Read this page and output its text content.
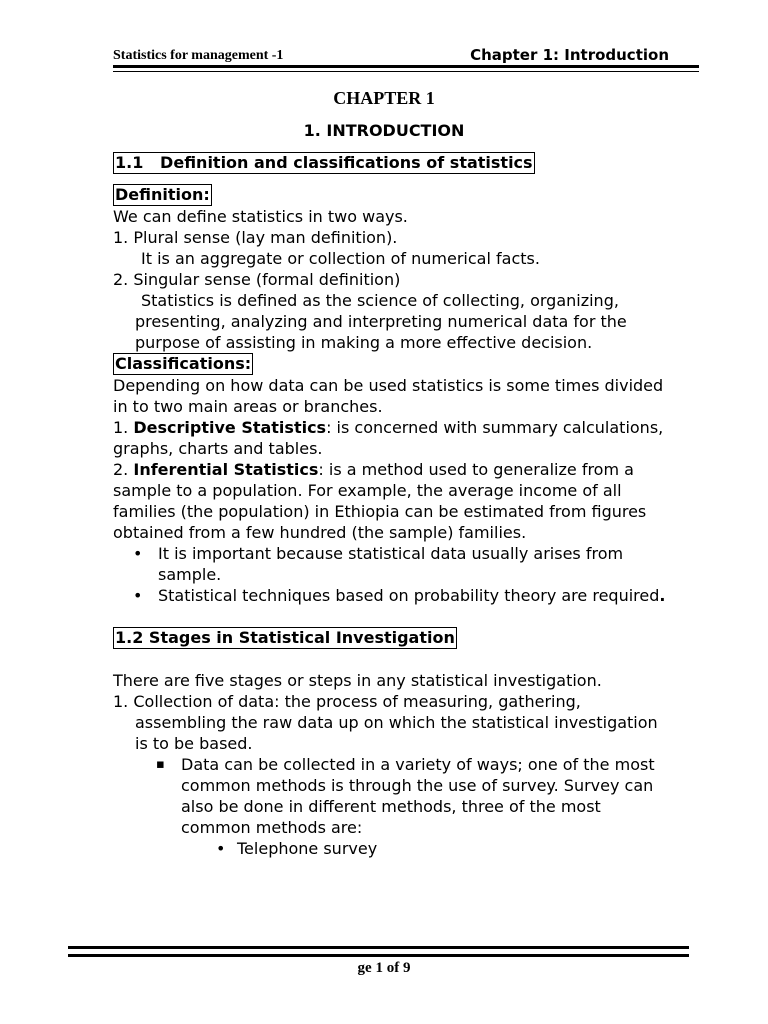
Statistics for management -1	Chapter 1: Introduction
CHAPTER 1
1. INTRODUCTION
1.1   Definition and classifications of statistics
Definition:

We can define statistics in two ways.

1. Plural sense (lay man definition).

It is an aggregate or collection of numerical facts.

2. Singular sense (formal definition)

Statistics is defined as the science of collecting, organizing, presenting, analyzing and interpreting numerical data for the purpose of assisting in making a more effective decision.

Classifications:

Depending on how data can be used statistics is some times divided in to two main areas or branches.

1. Descriptive Statistics: is concerned with summary calculations, graphs, charts and tables.

2. Inferential Statistics: is a method used to generalize from a sample to a population. For example, the average income of all families (the population) in Ethiopia can be estimated from figures obtained from a few hundred (the sample) families.

• It is important because statistical data usually arises from sample.
• Statistical techniques based on probability theory are required.
1.2 Stages in Statistical Investigation

There are five stages or steps in any statistical investigation.

1. Collection of data: the process of measuring, gathering, assembling the raw data up on which the statistical investigation is to be based.

▪ Data can be collected in a variety of ways; one of the most common methods is through the use of survey. Survey can also be done in different methods, three of the most common methods are:
• Telephone survey
ge 1 of 9
